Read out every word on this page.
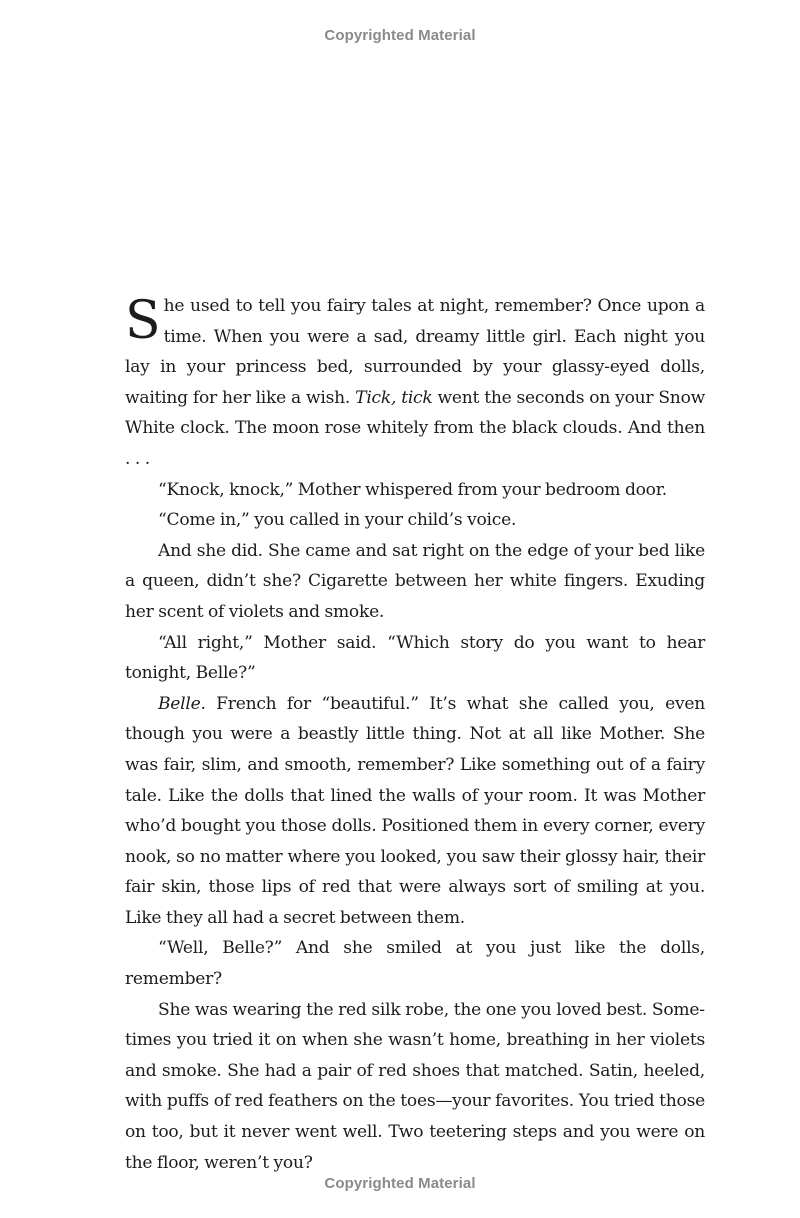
Copyrighted Material

She used to tell you fairy tales at night, remember? Once upon a time. When you were a sad, dreamy little girl. Each night you lay in your princess bed, surrounded by your glassy-eyed dolls, waiting for her like a wish. Tick, tick went the seconds on your Snow White clock. The moon rose whitely from the black clouds. And then . . .

“Knock, knock,” Mother whispered from your bedroom door.

“Come in,” you called in your child’s voice.

And she did. She came and sat right on the edge of your bed like a queen, didn’t she? Cigarette between her white fingers. Exuding her scent of violets and smoke.

“All right,” Mother said. “Which story do you want to hear tonight, Belle?”

Belle. French for “beautiful.” It’s what she called you, even though you were a beastly little thing. Not at all like Mother. She was fair, slim, and smooth, remember? Like something out of a fairy tale. Like the dolls that lined the walls of your room. It was Mother who’d bought you those dolls. Positioned them in every corner, every nook, so no matter where you looked, you saw their glossy hair, their fair skin, those lips of red that were always sort of smiling at you. Like they all had a secret between them.

“Well, Belle?” And she smiled at you just like the dolls, remember?

She was wearing the red silk robe, the one you loved best. Sometimes you tried it on when she wasn’t home, breathing in her violets and smoke. She had a pair of red shoes that matched. Satin, heeled, with puffs of red feathers on the toes—your favorites. You tried those on too, but it never went well. Two teetering steps and you were on the floor, weren’t you?

Copyrighted Material
